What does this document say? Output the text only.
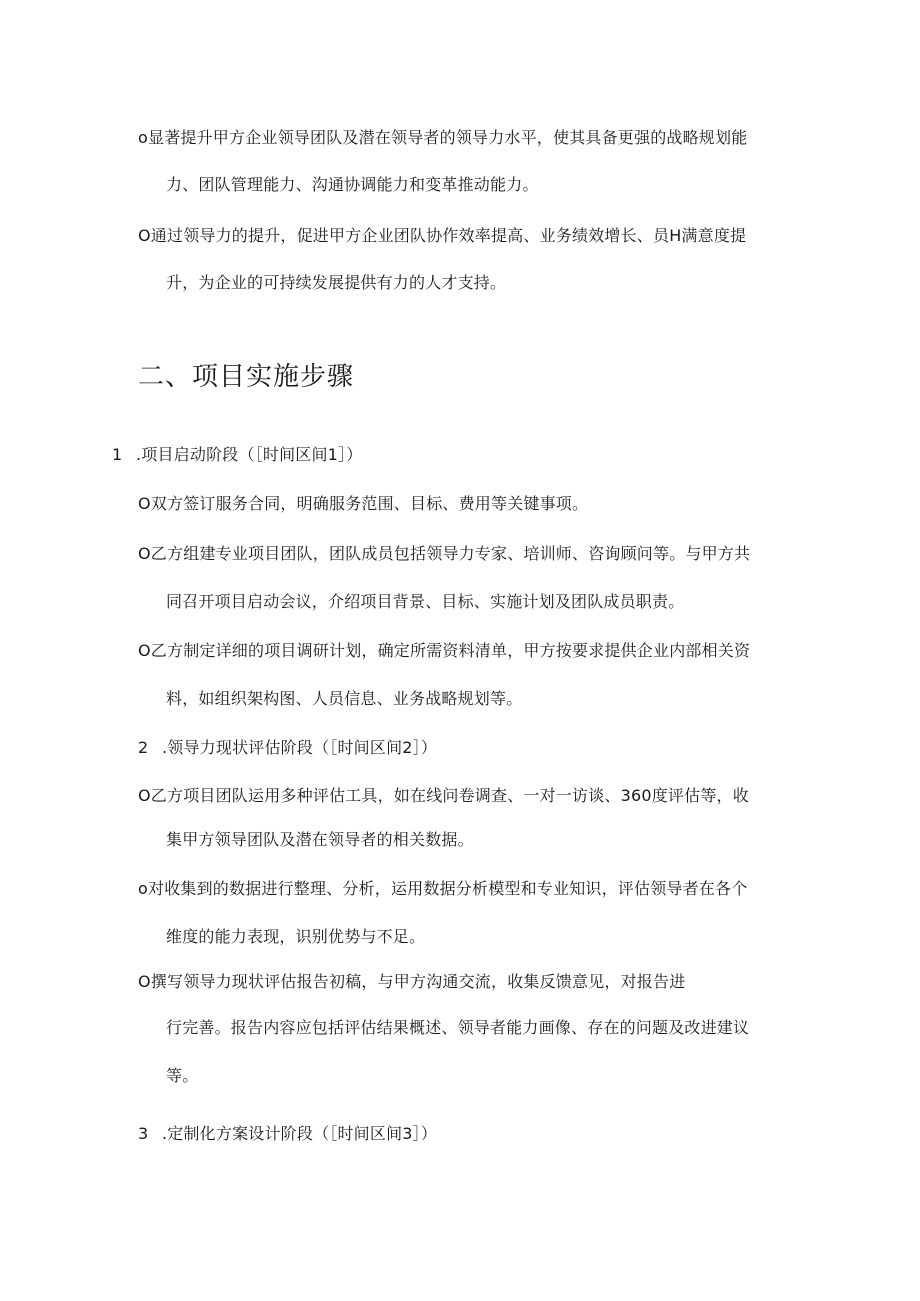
o显著提升甲方企业领导团队及潜在领导者的领导力水平，使其具备更强的战略规划能
力、团队管理能力、沟通协调能力和变革推动能力。
O通过领导力的提升，促进甲方企业团队协作效率提高、业务绩效增长、员H满意度提
升，为企业的可持续发展提供有力的人才支持。
二、项目实施步骤
1 .项目启动阶段（［时间区间1］）
O双方签订服务合同，明确服务范围、目标、费用等关键事项。
O乙方组建专业项目团队，团队成员包括领导力专家、培训师、咨询顾问等。与甲方共
同召开项目启动会议，介绍项目背景、目标、实施计划及团队成员职责。
O乙方制定详细的项目调研计划，确定所需资料清单，甲方按要求提供企业内部相关资
料，如组织架构图、人员信息、业务战略规划等。
2 .领导力现状评估阶段（［时间区间2］）
O乙方项目团队运用多种评估工具，如在线问卷调查、一对一访谈、360度评估等，收
集甲方领导团队及潜在领导者的相关数据。
o对收集到的数据进行整理、分析，运用数据分析模型和专业知识，评估领导者在各个
维度的能力表现，识别优势与不足。
O撰写领导力现状评估报告初稿，与甲方沟通交流，收集反馈意见，对报告进
行完善。报告内容应包括评估结果概述、领导者能力画像、存在的问题及改进建议
等。
3 .定制化方案设计阶段（［时间区间3］）
